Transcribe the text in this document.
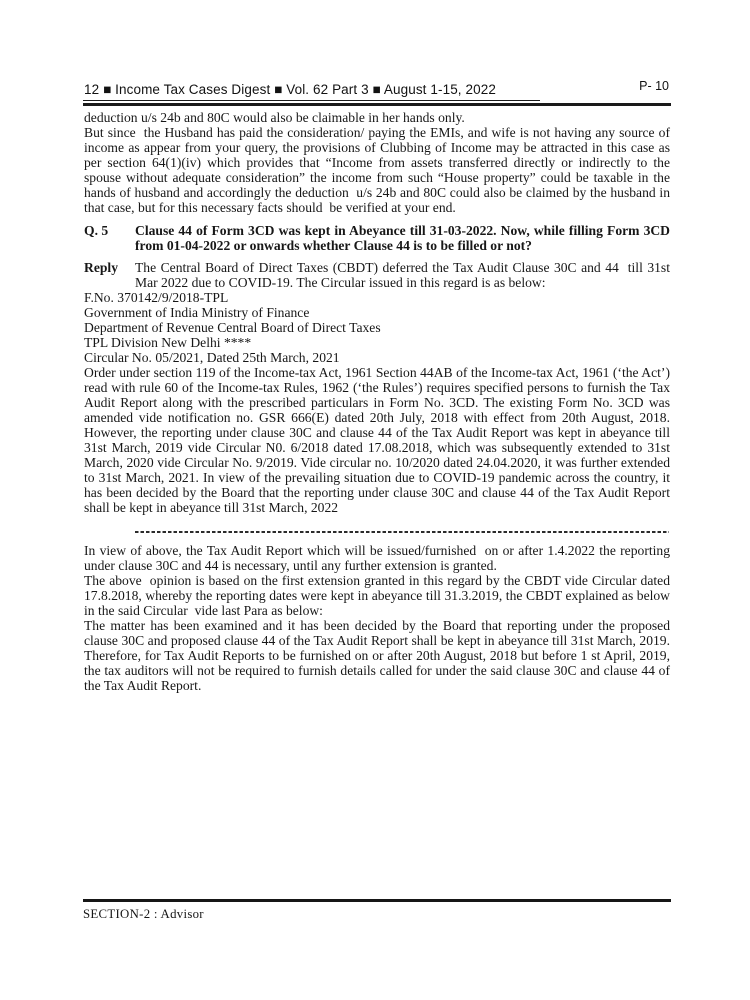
12 ■ Income Tax Cases Digest ■ Vol. 62 Part 3 ■ August 1-15, 2022	P- 10

deduction u/s 24b and 80C would also be claimable in her hands only.

But since  the Husband has paid the consideration/ paying the EMIs, and wife is not having any source of income as appear from your query, the provisions of Clubbing of Income may be attracted in this case as per section 64(1)(iv) which provides that “Income from assets transferred directly or indirectly to the spouse without adequate consideration” the income from such “House property” could be taxable in the hands of husband and accordingly the deduction  u/s 24b and 80C could also be claimed by the husband in that case, but for this necessary facts should  be verified at your end.

Q. 5	Clause 44 of Form 3CD was kept in Abeyance till 31-03-2022. Now, while filling Form 3CD from 01-04-2022 or onwards whether Clause 44 is to be filled or not?

Reply	The Central Board of Direct Taxes (CBDT) deferred the Tax Audit Clause 30C and 44  till 31st Mar 2022 due to COVID-19. The Circular issued in this regard is as below:

F.No. 370142/9/2018-TPL

Government of India Ministry of Finance

Department of Revenue Central Board of Direct Taxes

TPL Division New Delhi ****

Circular No. 05/2021, Dated 25th March, 2021

Order under section 119 of the Income-tax Act, 1961 Section 44AB of the Income-tax Act, 1961 (‘the Act’) read with rule 60 of the Income-tax Rules, 1962 (‘the Rules’) requires specified persons to furnish the Tax Audit Report along with the prescribed particulars in Form No. 3CD. The existing Form No. 3CD was amended vide notification no. GSR 666(E) dated 20th July, 2018 with effect from 20th August, 2018. However, the reporting under clause 30C and clause 44 of the Tax Audit Report was kept in abeyance till 31st March, 2019 vide Circular N0. 6/2018 dated 17.08.2018, which was subsequently extended to 31st March, 2020 vide Circular No. 9/2019. Vide circular no. 10/2020 dated 24.04.2020, it was further extended to 31st March, 2021. In view of the prevailing situation due to COVID-19 pandemic across the country, it has been decided by the Board that the reporting under clause 30C and clause 44 of the Tax Audit Report shall be kept in abeyance till 31st March, 2022

In view of above, the Tax Audit Report which will be issued/furnished  on or after 1.4.2022 the reporting under clause 30C and 44 is necessary, until any further extension is granted.

The above  opinion is based on the first extension granted in this regard by the CBDT vide Circular dated 17.8.2018, whereby the reporting dates were kept in abeyance till 31.3.2019, the CBDT explained as below in the said Circular  vide last Para as below:

The matter has been examined and it has been decided by the Board that reporting under the proposed clause 30C and proposed clause 44 of the Tax Audit Report shall be kept in abeyance till 31st March, 2019. Therefore, for Tax Audit Reports to be furnished on or after 20th August, 2018 but before 1 st April, 2019, the tax auditors will not be required to furnish details called for under the said clause 30C and clause 44 of the Tax Audit Report.

SECTION-2 : Advisor
